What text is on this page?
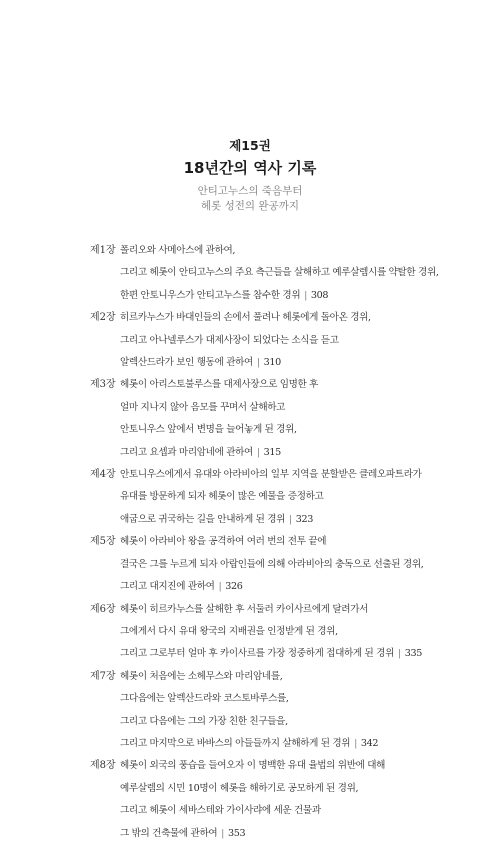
제15권
18년간의 역사 기록
안티고누스의 죽음부터
헤롯 성전의 완공까지
제1장 폴리오와 사메아스에 관하여,
그리고 헤롯이 안티고누스의 주요 측근들을 살해하고 예루살렘시를 약탈한 경위,
한편 안토니우스가 안티고누스를 참수한 경위 | 308
제2장 히르카누스가 바대인들의 손에서 풀려나 헤롯에게 돌아온 경위,
그리고 아나넬루스가 대제사장이 되었다는 소식을 듣고
알렉산드라가 보인 행동에 관하여 | 310
제3장 헤롯이 아리스토불루스를 대제사장으로 임명한 후
얼마 지나지 않아 음모를 꾸며서 살해하고
안토니우스 앞에서 변명을 늘어놓게 된 경위,
그리고 요셉과 마리암네에 관하여 | 315
제4장 안토니우스에게서 유대와 아라비아의 일부 지역을 분할받은 클레오파트라가
유대를 방문하게 되자 헤롯이 많은 예물을 증정하고
애굽으로 귀국하는 길을 안내하게 된 경위 | 323
제5장 헤롯이 아라비아 왕을 공격하여 여러 번의 전투 끝에
결국은 그를 누르게 되자 아랍인들에 의해 아라비아의 충독으로 선출된 경위,
그리고 대지진에 관하여 | 326
제6장 헤롯이 히르카누스를 살해한 후 서둘러 카이사르에게 달려가서
그에게서 다시 유대 왕국의 지배권을 인정받게 된 경위,
그리고 그로부터 얼마 후 카이사르를 가장 정중하게 접대하게 된 경위 | 335
제7장 헤롯이 처음에는 소헤무스와 마리암네를,
그다음에는 알렉산드라와 코스토바루스를,
그리고 다음에는 그의 가장 친한 친구들을,
그리고 마지막으로 바바스의 아들들까지 살해하게 된 경위 | 342
제8장 헤롯이 외국의 풍습을 들여오자 이 명백한 유대 율법의 위반에 대해
예루살렘의 시민 10명이 헤롯을 해하기로 공모하게 된 경위,
그리고 헤롯이 세바스테와 가이사랴에 세운 건물과
그 밖의 건축물에 관하여 | 353
